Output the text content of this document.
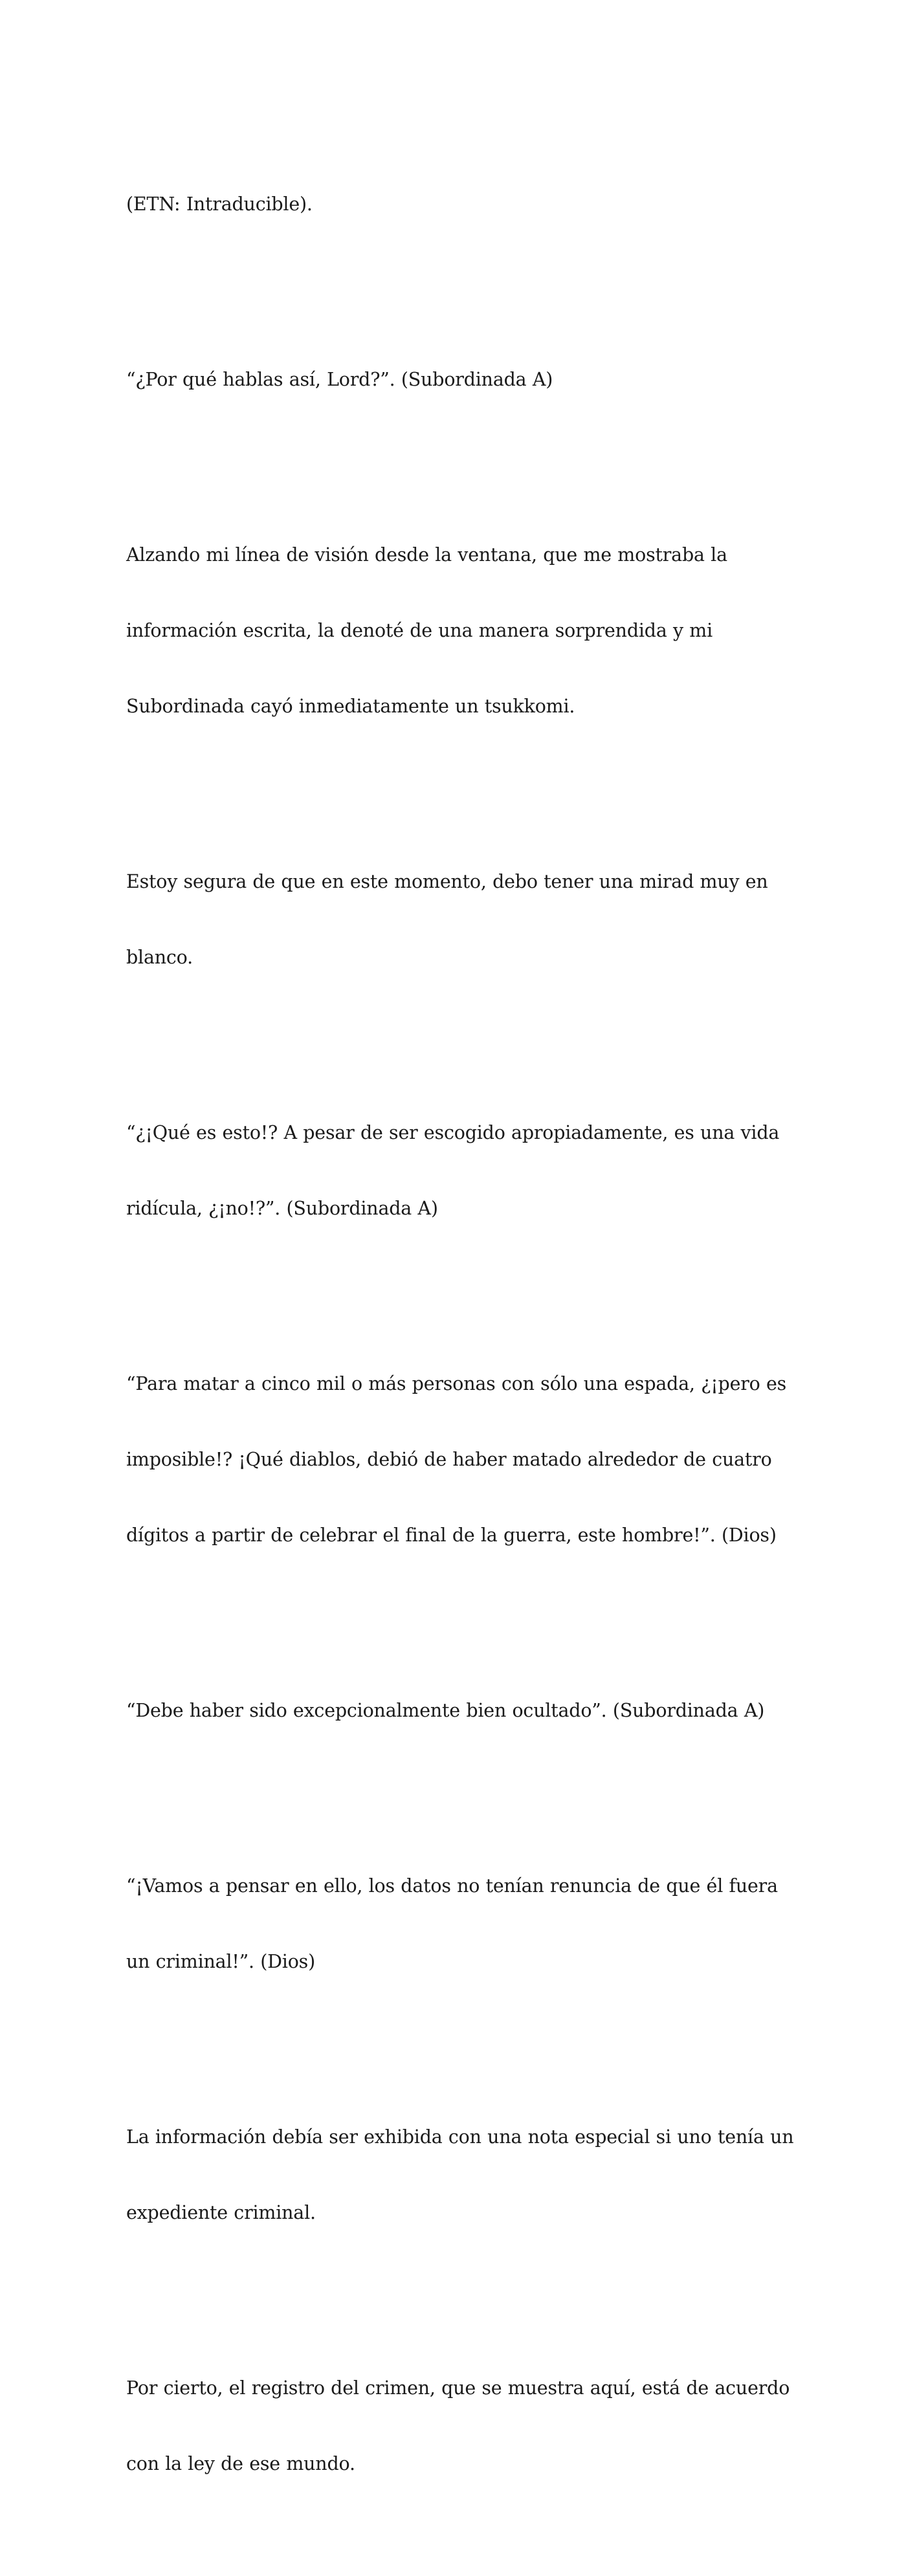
(ETN: Intraducible).

“¿Por qué hablas así, Lord?”. (Subordinada A)

Alzando mi línea de visión desde la ventana, que me mostraba la

información escrita, la denoté de una manera sorprendida y mi

Subordinada cayó inmediatamente un tsukkomi.

Estoy segura de que en este momento, debo tener una mirad muy en

blanco.

“¿¡Qué es esto!? A pesar de ser escogido apropiadamente, es una vida

ridícula, ¿¡no!?”. (Subordinada A)

“Para matar a cinco mil o más personas con sólo una espada, ¿¡pero es

imposible!? ¡Qué diablos, debió de haber matado alrededor de cuatro

dígitos a partir de celebrar el final de la guerra, este hombre!”. (Dios)

“Debe haber sido excepcionalmente bien ocultado”. (Subordinada A)

“¡Vamos a pensar en ello, los datos no tenían renuncia de que él fuera

un criminal!”. (Dios)

La información debía ser exhibida con una nota especial si uno tenía un

expediente criminal.

Por cierto, el registro del crimen, que se muestra aquí, está de acuerdo

con la ley de ese mundo.
